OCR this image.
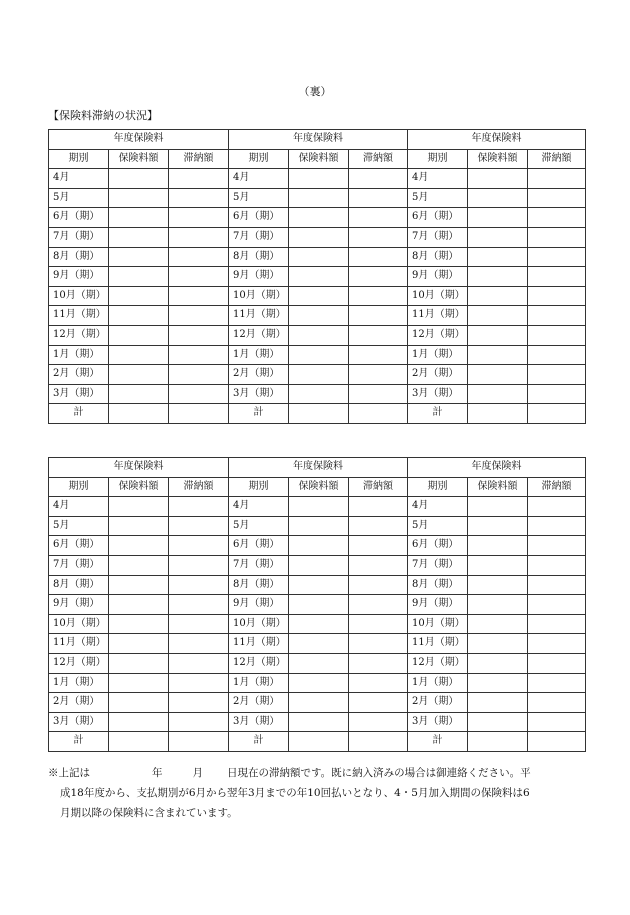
（裏）
【保険料滞納の状況】
年度保険料			年度保険料			年度保険料		
期別	保険料額	滞納額	期別	保険料額	滞納額	期別	保険料額	滞納額
4月			4月			4月		
5月			5月			5月		
6月（期）			6月（期）			6月（期）		
7月（期）			7月（期）			7月（期）		
8月（期）			8月（期）			8月（期）		
9月（期）			9月（期）			9月（期）		
10月（期）			10月（期）			10月（期）		
11月（期）			11月（期）			11月（期）		
12月（期）			12月（期）			12月（期）		
1月（期）			1月（期）			1月（期）		
2月（期）			2月（期）			2月（期）		
3月（期）			3月（期）			3月（期）		
計			計			計		
年度保険料			年度保険料			年度保険料		
期別	保険料額	滞納額	期別	保険料額	滞納額	期別	保険料額	滞納額
4月			4月			4月		
5月			5月			5月		
6月（期）			6月（期）			6月（期）		
7月（期）			7月（期）			7月（期）		
8月（期）			8月（期）			8月（期）		
9月（期）			9月（期）			9月（期）		
10月（期）			10月（期）			10月（期）		
11月（期）			11月（期）			11月（期）		
12月（期）			12月（期）			12月（期）		
1月（期）			1月（期）			1月（期）		
2月（期）			2月（期）			2月（期）		
3月（期）			3月（期）			3月（期）		
計			計			計		
※上記は	年	月 日現在の滞納額です。既に納入済みの場合は御連絡ください。平
成18年度から、支払期別が6月から翌年3月までの年10回払いとなり、4・5月加入期間の保険料は6
月期以降の保険料に含まれています。
